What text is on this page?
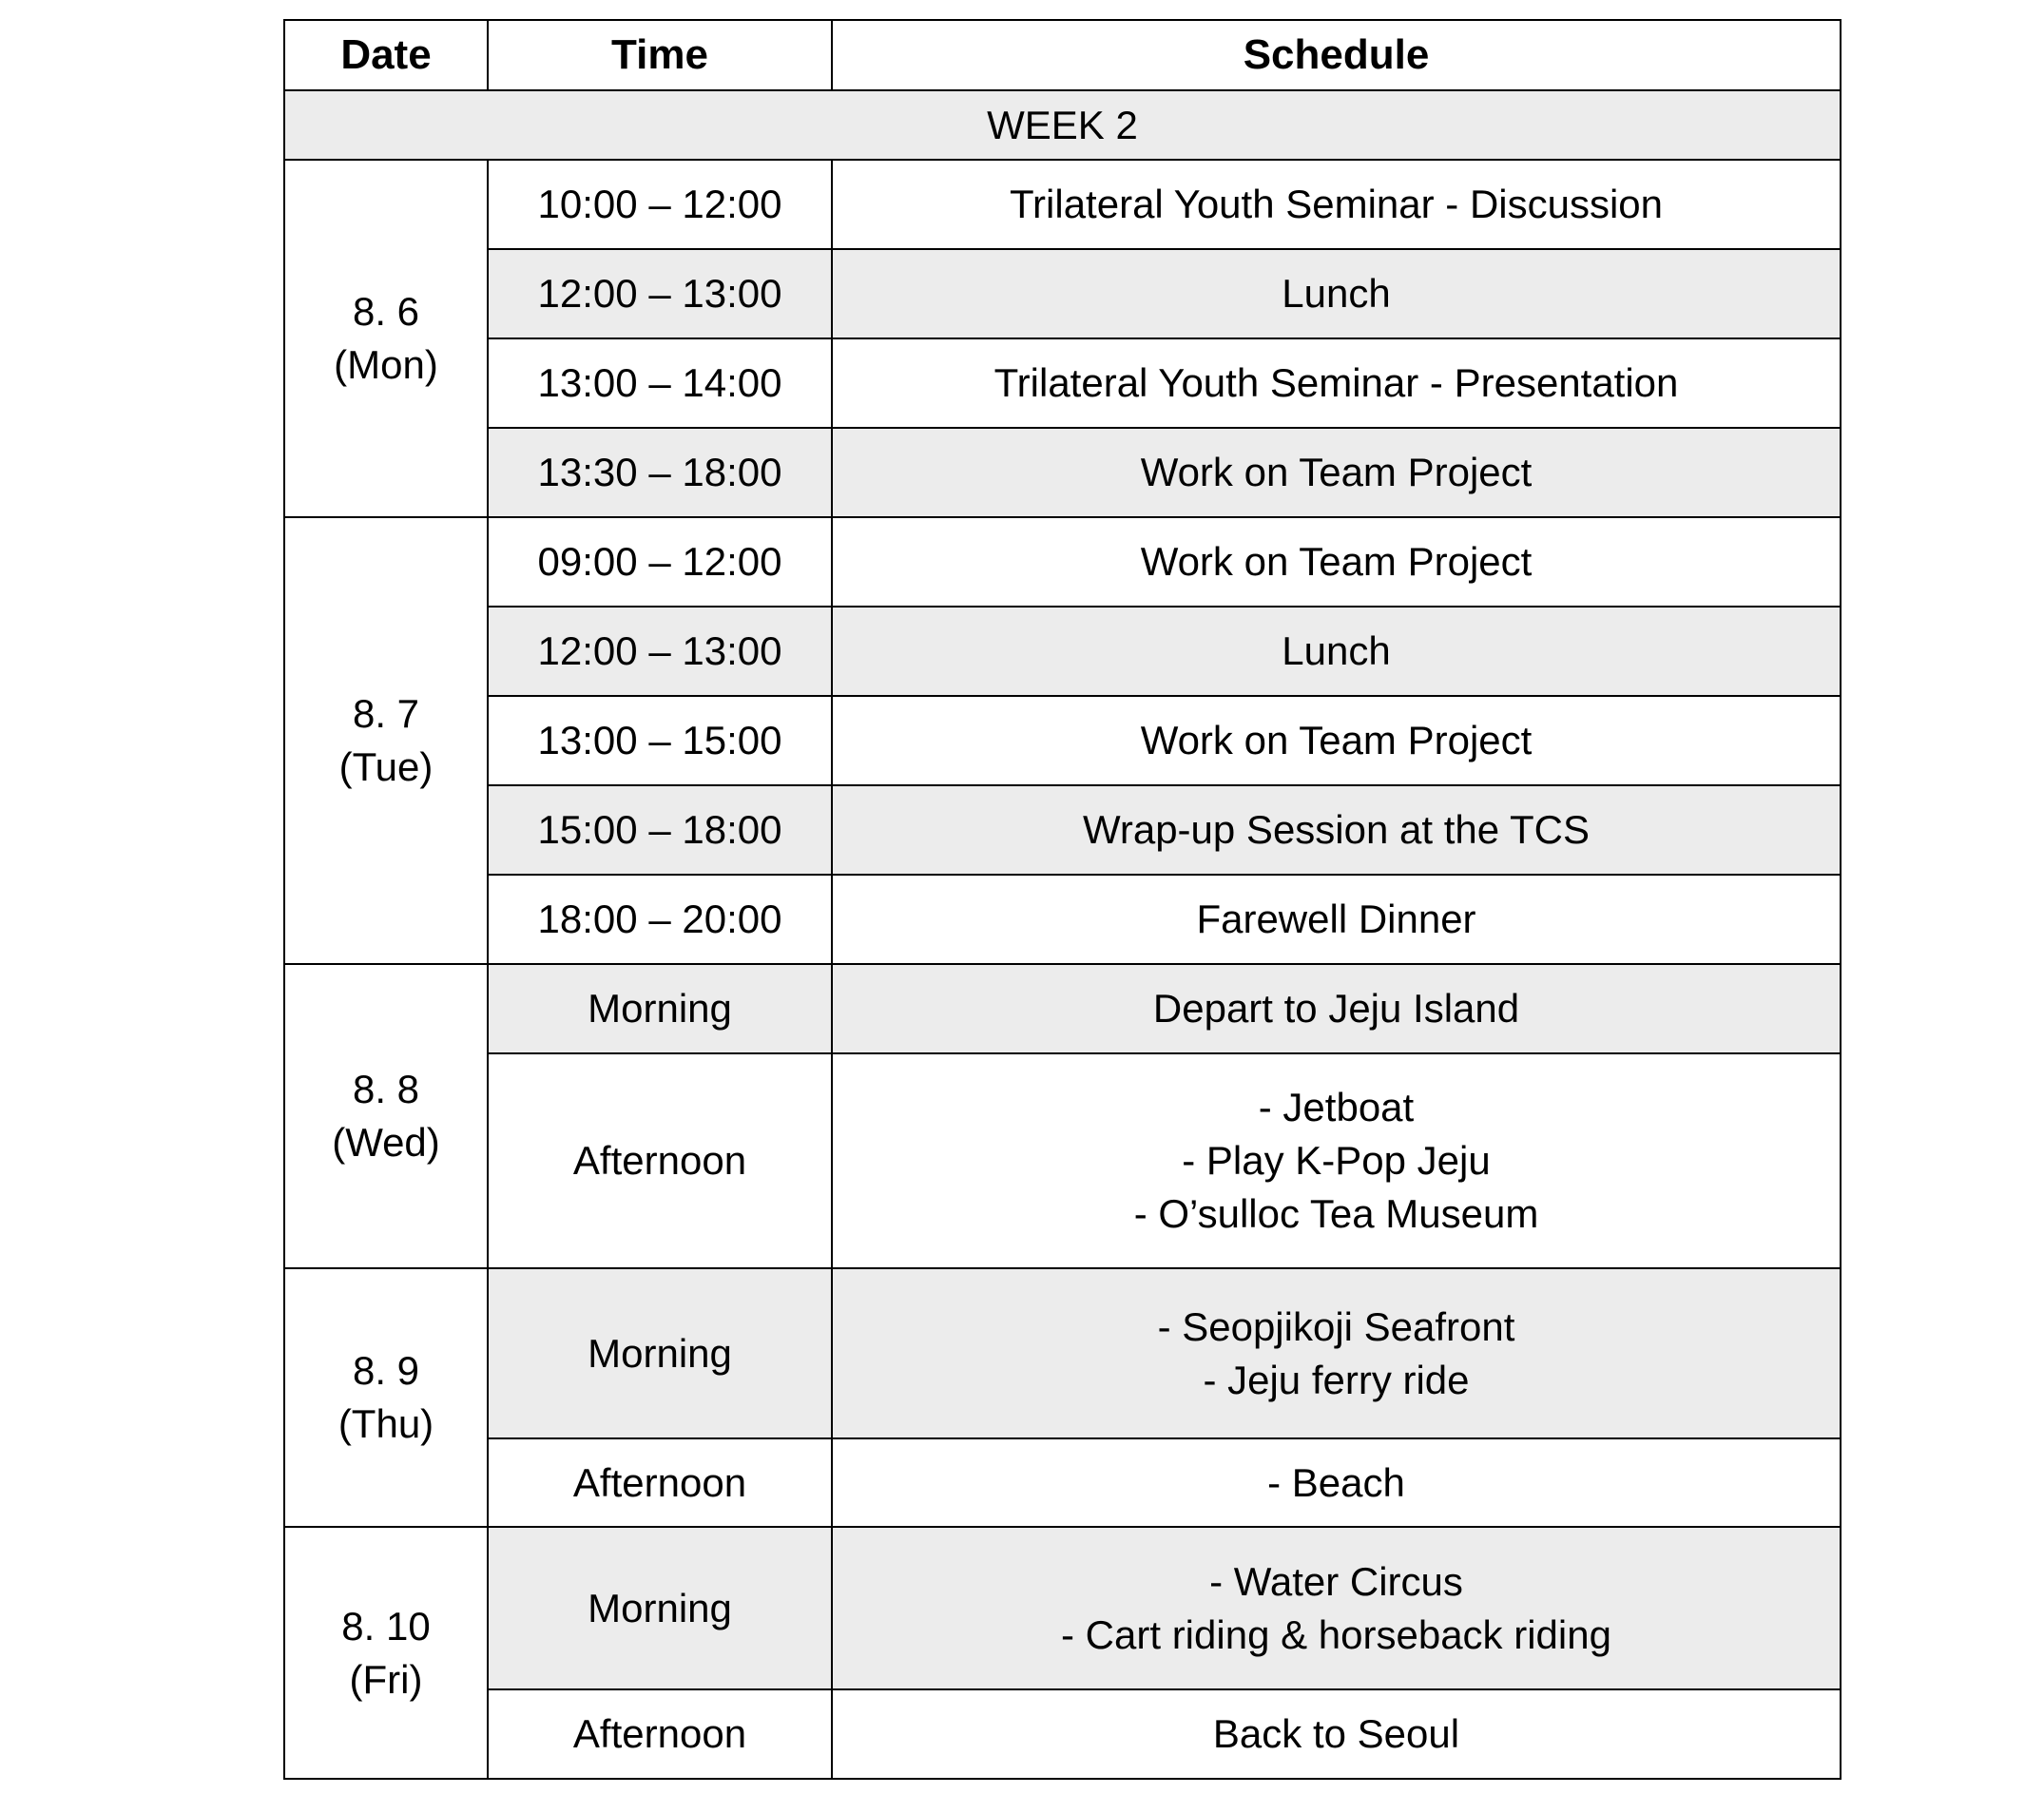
Date	Time	Schedule
WEEK 2		

8. 6
(Mon)	10:00 – 12:00	Trilateral Youth Seminar - Discussion
	12:00 – 13:00	Lunch
	13:00 – 14:00	Trilateral Youth Seminar - Presentation
	13:30 – 18:00	Work on Team Project

8. 7
(Tue)	09:00 – 12:00	Work on Team Project
	12:00 – 13:00	Lunch
	13:00 – 15:00	Work on Team Project
	15:00 – 18:00	Wrap-up Session at the TCS
	18:00 – 20:00	Farewell Dinner

8. 8
(Wed)	Morning	Depart to Jeju Island
	Afternoon	- Jetboat
- Play K-Pop Jeju
- O’sulloc Tea Museum

8. 9
(Thu)	Morning	- Seopjikoji Seafront
- Jeju ferry ride

	Afternoon	- Beach

8. 10
(Fri)	Morning	- Water Circus
- Cart riding & horseback riding

	Afternoon	Back to Seoul
